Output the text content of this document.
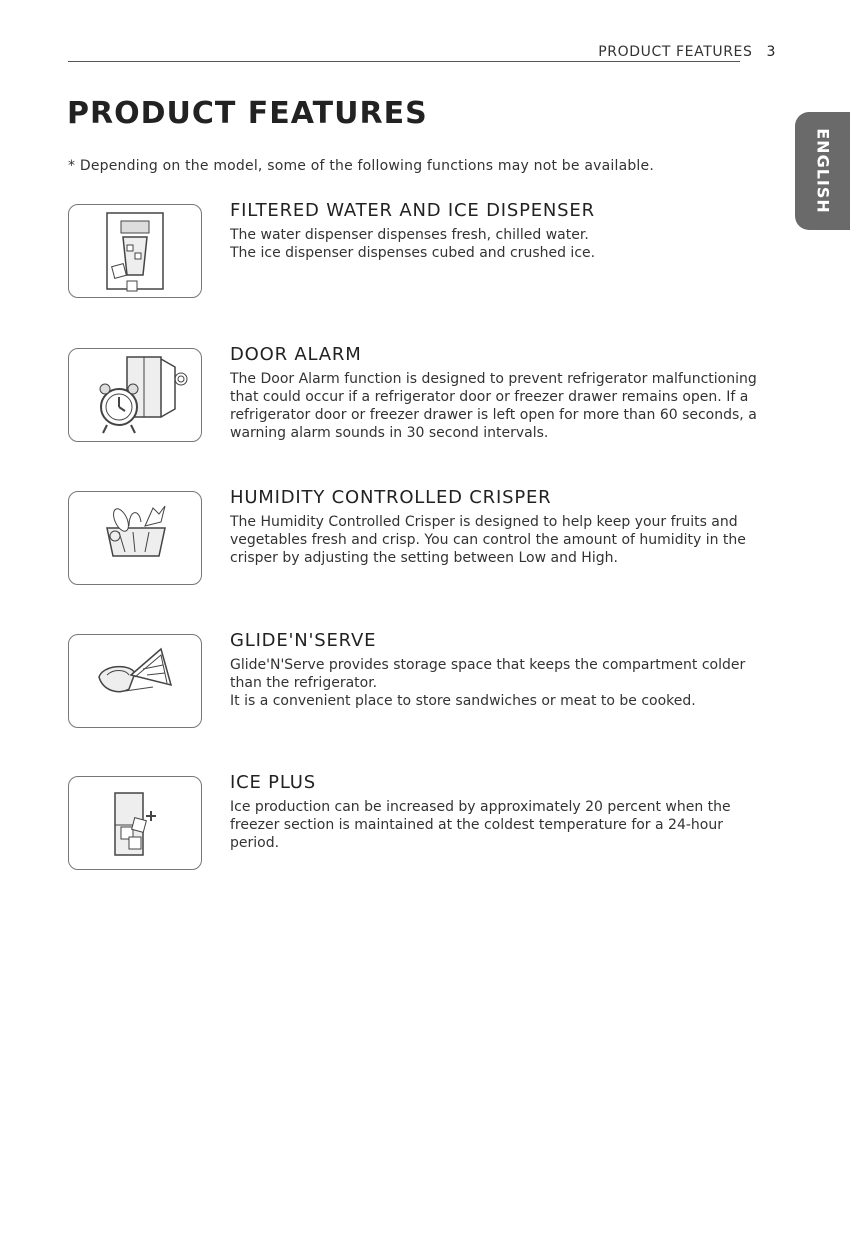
PRODUCT FEATURES 3
PRODUCT FEATURES
* Depending on the model, some of the following functions may not be available.	ENGLISH
FILTERED WATER AND ICE DISPENSER
The water dispenser dispenses fresh, chilled water.
The ice dispenser dispenses cubed and crushed ice.
DOOR ALARM
The Door Alarm function is designed to prevent refrigerator malfunctioning
that could occur if a refrigerator door or freezer drawer remains open. If a
refrigerator door or freezer drawer is left open for more than 60 seconds, a
warning alarm sounds in 30 second intervals.
HUMIDITY CONTROLLED CRISPER
The Humidity Controlled Crisper is designed to help keep your fruits and
vegetables fresh and crisp. You can control the amount of humidity in the
crisper by adjusting the setting between Low and High.
GLIDE'N'SERVE
Glide'N'Serve provides storage space that keeps the compartment colder
than the refrigerator.
It is a convenient place to store sandwiches or meat to be cooked.
ICE PLUS
Ice production can be increased by approximately 20 percent when the
freezer section is maintained at the coldest temperature for a 24-hour
period.
